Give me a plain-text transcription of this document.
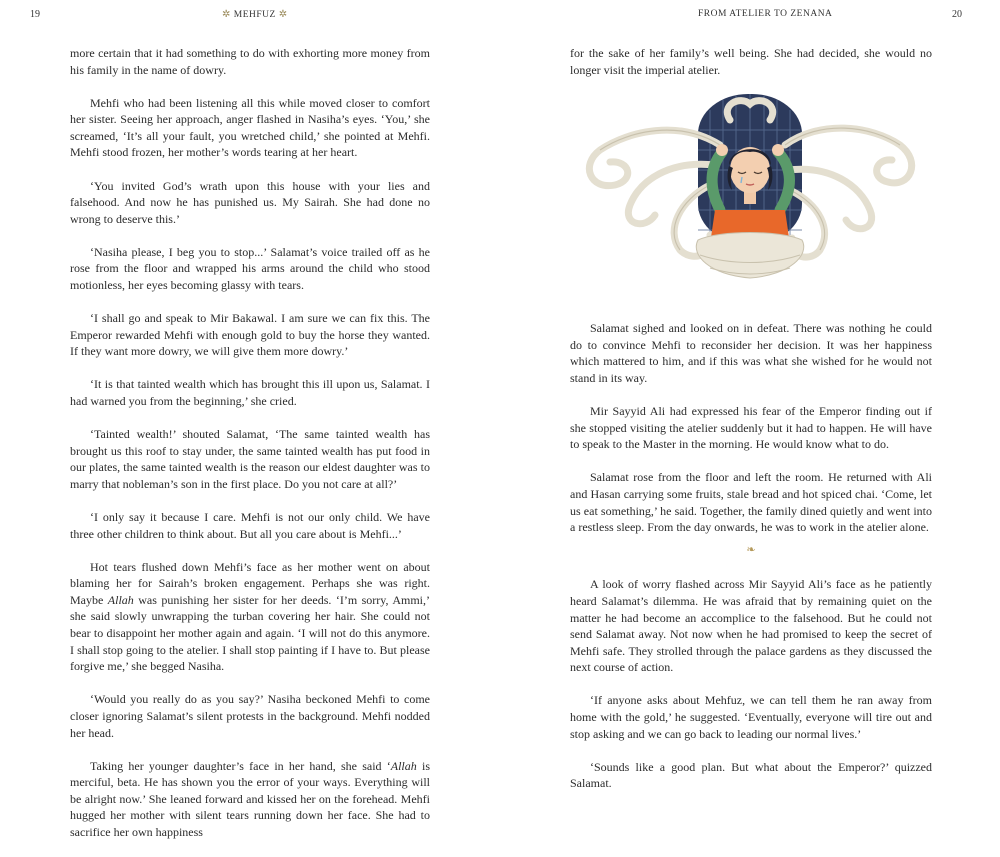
19	✲ MEHFUZ ✲

more certain that it had something to do with exhorting more money from his family in the name of dowry.

Mehfi who had been listening all this while moved closer to comfort her sister. Seeing her approach, anger flashed in Nasiha’s eyes. ‘You,’ she screamed, ‘It’s all your fault, you wretched child,’ she pointed at Mehfi. Mehfi stood frozen, her mother’s words tearing at her heart.

‘You invited God’s wrath upon this house with your lies and falsehood. And now he has punished us. My Sairah. She had done no wrong to deserve this.’

‘Nasiha please, I beg you to stop...’ Salamat’s voice trailed off as he rose from the floor and wrapped his arms around the child who stood motionless, her eyes becoming glassy with tears.

‘I shall go and speak to Mir Bakawal. I am sure we can fix this. The Emperor rewarded Mehfi with enough gold to buy the horse they wanted. If they want more dowry, we will give them more dowry.’

‘It is that tainted wealth which has brought this ill upon us, Salamat. I had warned you from the beginning,’ she cried.

‘Tainted wealth!’ shouted Salamat, ‘The same tainted wealth has brought us this roof to stay under, the same tainted wealth has put food in our plates, the same tainted wealth is the reason our eldest daughter was to marry that nobleman’s son in the first place. Do you not care at all?’

‘I only say it because I care. Mehfi is not our only child. We have three other children to think about. But all you care about is Mehfi...’

Hot tears flushed down Mehfi’s face as her mother went on about blaming her for Sairah’s broken engagement. Perhaps she was right. Maybe Allah was punishing her sister for her deeds. ‘I’m sorry, Ammi,’ she said slowly unwrapping the turban covering her hair. She could not bear to disappoint her mother again and again. ‘I will not do this anymore. I shall stop going to the atelier. I shall stop painting if I have to. But please forgive me,’ she begged Nasiha.

‘Would you really do as you say?’ Nasiha beckoned Mehfi to come closer ignoring Salamat’s silent protests in the background. Mehfi nodded her head.

Taking her younger daughter’s face in her hand, she said ‘Allah is merciful, beta. He has shown you the error of your ways. Everything will be alright now.’ She leaned forward and kissed her on the forehead. Mehfi hugged her mother with silent tears running down her face. She had to sacrifice her own happiness

FROM ATELIER TO ZENANA	20

for the sake of her family’s well being. She had decided, she would no longer visit the imperial atelier.

Salamat sighed and looked on in defeat. There was nothing he could do to convince Mehfi to reconsider her decision. It was her happiness which mattered to him, and if this was what she wished for he would not stand in its way.

Mir Sayyid Ali had expressed his fear of the Emperor finding out if she stopped visiting the atelier suddenly but it had to happen. He will have to speak to the Master in the morning. He would know what to do.

Salamat rose from the floor and left the room. He returned with Ali and Hasan carrying some fruits, stale bread and hot spiced chai. ‘Come, let us eat something,’ he said. Together, the family dined quietly and went into a restless sleep. From the day onwards, he was to work in the atelier alone.

❧

A look of worry flashed across Mir Sayyid Ali’s face as he patiently heard Salamat’s dilemma. He was afraid that by remaining quiet on the matter he had become an accomplice to the falsehood. But he could not send Salamat away. Not now when he had promised to keep the secret of Mehfi safe. They strolled through the palace gardens as they discussed the next course of action.

‘If anyone asks about Mehfuz, we can tell them he ran away from home with the gold,’ he suggested. ‘Eventually, everyone will tire out and stop asking and we can go back to leading our normal lives.’

‘Sounds like a good plan. But what about the Emperor?’ quizzed Salamat.
